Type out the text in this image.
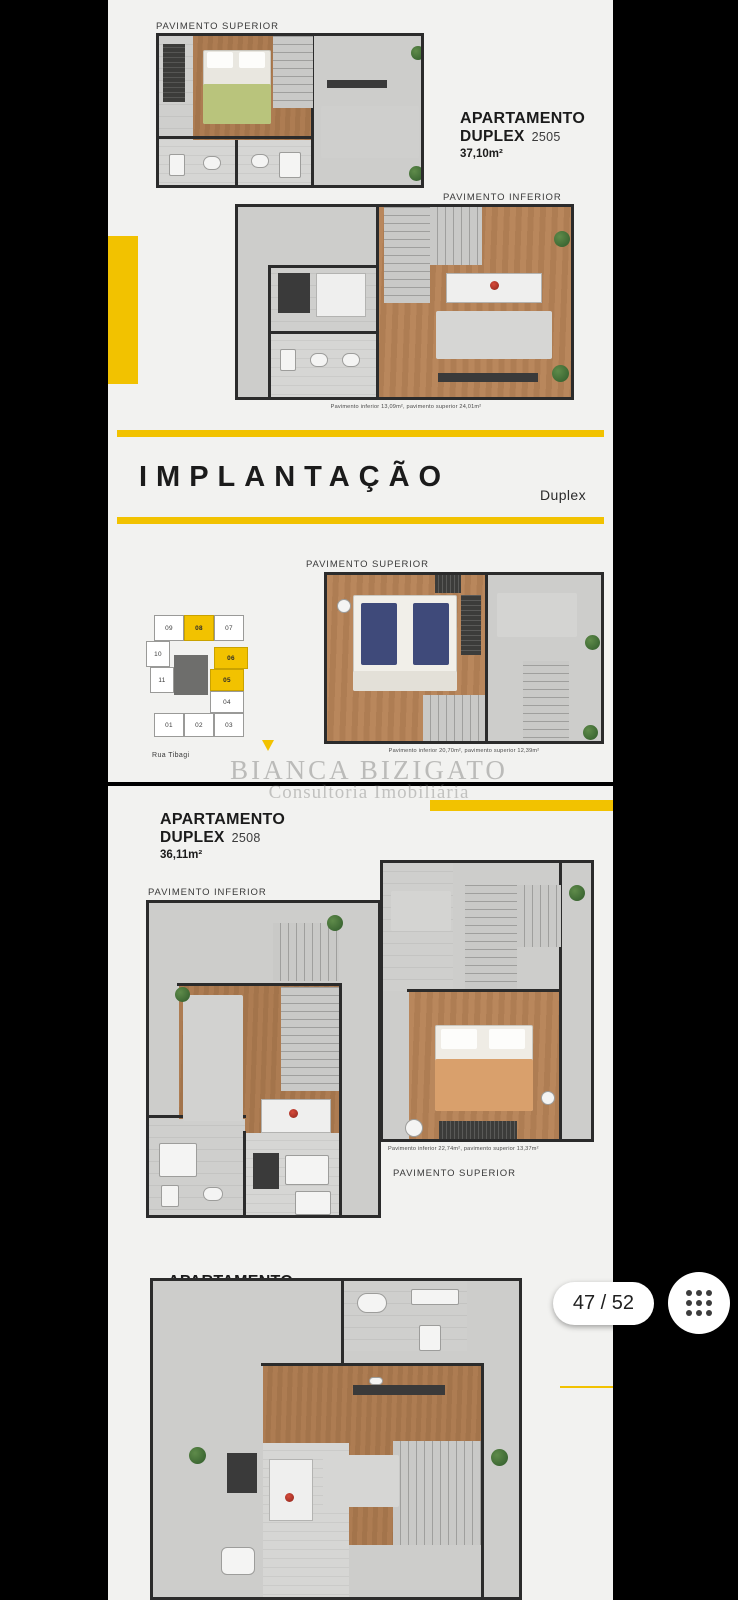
PAVIMENTO SUPERIOR
APARTAMENTO
DUPLEX 2505
37,10m²
PAVIMENTO INFERIOR
Pavimento inferior 13,09m², pavimento superior 24,01m²
IMPLANTAÇÃO
Duplex
PAVIMENTO SUPERIOR
Pavimento inferior 20,70m², pavimento superior 12,39m²
09	08	07
10
06
11	05
04
01	02	03
Rua Tibagi
APARTAMENTO
DUPLEX 2508
36,11m²
PAVIMENTO INFERIOR
Pavimento inferior 22,74m², pavimento superior 13,37m²
PAVIMENTO SUPERIOR
BIANCA BIZIGATO
Consultoria Imobiliária
47 / 52
